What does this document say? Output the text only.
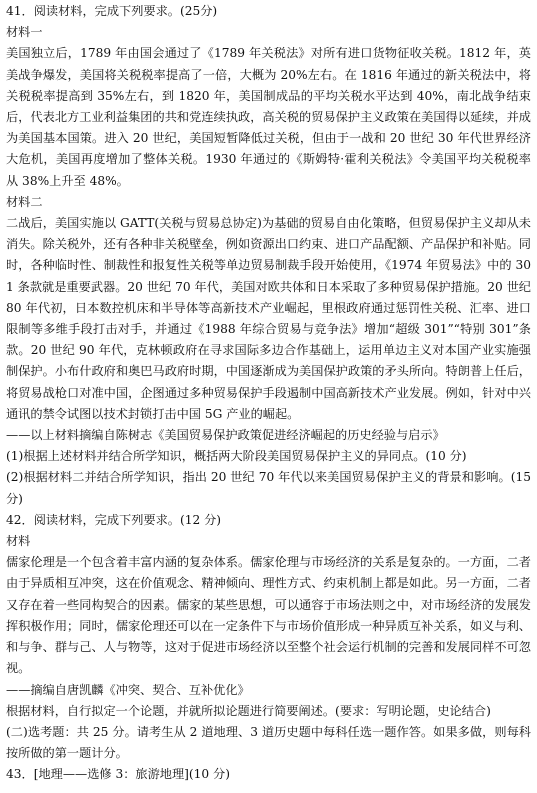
41．阅读材料，完成下列要求。(25分)

材料一

美国独立后，1789 年由国会通过了《1789 年关税法》对所有进口货物征收关税。1812 年，英美战争爆发，美国将关税税率提高了一倍，大概为 20%左右。在 1816 年通过的新关税法中，将关税税率提高到 35%左右，到 1820 年，美国制成品的平均关税水平达到 40%，南北战争结束后，代表北方工业利益集团的共和党连续执政，高关税的贸易保护主义政策在美国得以延续，并成为美国基本国策。进入 20 世纪，美国短暂降低过关税，但由于一战和 20 世纪 30 年代世界经济大危机，美国再度增加了整体关税。1930 年通过的《斯姆特·霍利关税法》令美国平均关税税率从 38%上升至 48%。

材料二

二战后，美国实施以 GATT(关税与贸易总协定)为基础的贸易自由化策略，但贸易保护主义却从未消失。除关税外，还有各种非关税壁垒，例如资源出口约束、进口产品配额、产品保护和补贴。同时，各种临时性、制裁性和报复性关税等单边贸易制裁手段开始使用，《1974 年贸易法》中的 301 条款就是重要武器。20 世纪 70 年代，美国对欧共体和日本采取了多种贸易保护措施。20 世纪 80 年代初，日本数控机床和半导体等高新技术产业崛起，里根政府通过惩罚性关税、汇率、进口限制等多维手段打击对手，并通过《1988 年综合贸易与竞争法》增加“超级 301”“特别 301”条款。20 世纪 90 年代，克林顿政府在寻求国际多边合作基础上，运用单边主义对本国产业实施强制保护。小布什政府和奥巴马政府时期，中国逐渐成为美国保护政策的矛头所向。特朗普上任后，将贸易战枪口对准中国，企图通过多种贸易保护手段遏制中国高新技术产业发展。例如，针对中兴通讯的禁令试图以技术封锁打击中国 5G 产业的崛起。

——以上材料摘编自陈树志《美国贸易保护政策促进经济崛起的历史经验与启示》

(1)根据上述材料并结合所学知识，概括两大阶段美国贸易保护主义的异同点。(10 分)

(2)根据材料二并结合所学知识，指出 20 世纪 70 年代以来美国贸易保护主义的背景和影响。(15 分)

42．阅读材料，完成下列要求。(12 分)

材料

儒家伦理是一个包含着丰富内涵的复杂体系。儒家伦理与市场经济的关系是复杂的。一方面，二者由于异质相互冲突，这在价值观念、精神倾向、理性方式、约束机制上都是如此。另一方面，二者又存在着一些同构契合的因素。儒家的某些思想，可以通容于市场法则之中，对市场经济的发展发挥积极作用；同时，儒家伦理还可以在一定条件下与市场价值形成一种异质互补关系，如义与利、和与争、群与己、人与物等，这对于促进市场经济以至整个社会运行机制的完善和发展同样不可忽视。

——摘编自唐凯麟《冲突、契合、互补优化》

根据材料，自行拟定一个论题，并就所拟论题进行简要阐述。(要求：写明论题，史论结合)

(二)选考题：共 25 分。请考生从 2 道地理、3 道历史题中每科任选一题作答。如果多做，则每科按所做的第一题计分。

43．[地理——选修 3：旅游地理](10 分)
